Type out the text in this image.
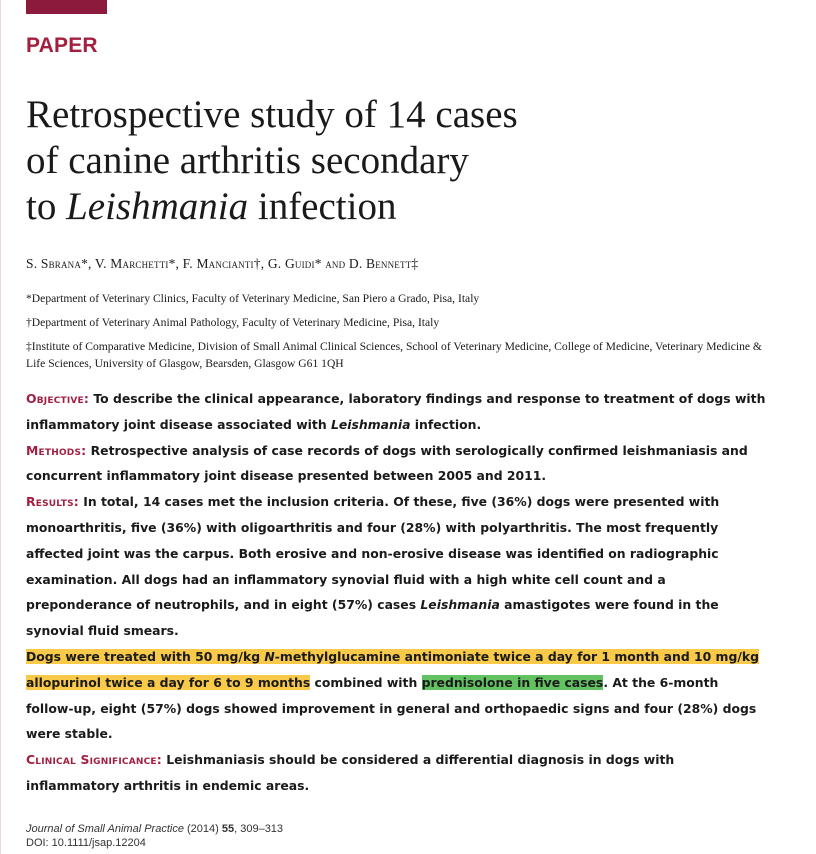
PAPER
Retrospective study of 14 cases
of canine arthritis secondary
to Leishmania infection
S. Sbrana*, V. Marchetti*, F. Mancianti†, G. Guidi* and D. Bennett‡
*Department of Veterinary Clinics, Faculty of Veterinary Medicine, San Piero a Grado, Pisa, Italy
†Department of Veterinary Animal Pathology, Faculty of Veterinary Medicine, Pisa, Italy
‡Institute of Comparative Medicine, Division of Small Animal Clinical Sciences, School of Veterinary Medicine, College of Medicine, Veterinary Medicine & Life Sciences, University of Glasgow, Bearsden, Glasgow G61 1QH

Objective: To describe the clinical appearance, laboratory findings and response to treatment of dogs with inflammatory joint disease associated with Leishmania infection.

Methods: Retrospective analysis of case records of dogs with serologically confirmed leishmaniasis and concurrent inflammatory joint disease presented between 2005 and 2011.

Results: In total, 14 cases met the inclusion criteria. Of these, five (36%) dogs were presented with monoarthritis, five (36%) with oligoarthritis and four (28%) with polyarthritis. The most frequently affected joint was the carpus. Both erosive and non-erosive disease was identified on radiographic examination. All dogs had an inflammatory synovial fluid with a high white cell count and a preponderance of neutrophils, and in eight (57%) cases Leishmania amastigotes were found in the synovial fluid smears.

Dogs were treated with 50 mg/kg N-methylglucamine antimoniate twice a day for 1 month and 10 mg/kg allopurinol twice a day for 6 to 9 months combined with prednisolone in five cases. At the 6-month follow-up, eight (57%) dogs showed improvement in general and orthopaedic signs and four (28%) dogs were stable.

Clinical Significance: Leishmaniasis should be considered a differential diagnosis in dogs with inflammatory arthritis in endemic areas.

Journal of Small Animal Practice (2014) 55, 309–313
DOI: 10.1111/jsap.12204
